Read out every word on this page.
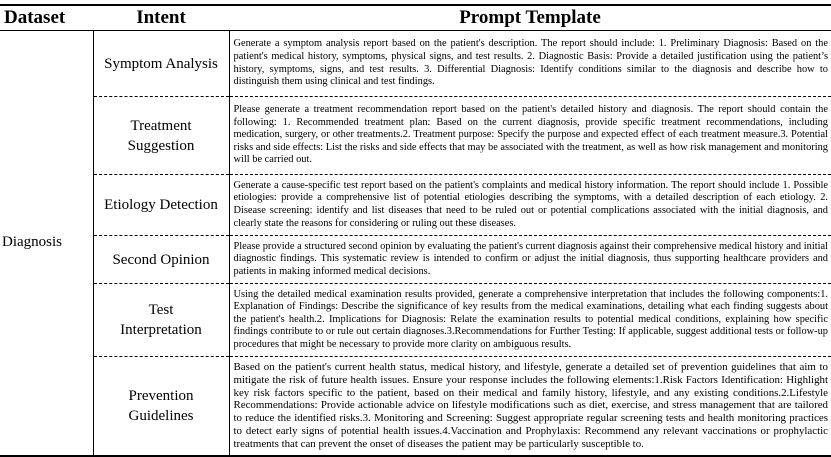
Dataset	Intent	Prompt Template
Diagnosis	Symptom Analysis	Generate a symptom analysis report based on the patient's description. The report should include: 1. Preliminary Diagnosis: Based on the patient's medical history, symptoms, physical signs, and test results. 2. Diagnostic Basis: Provide a detailed justification using the patient’s history, symptoms, signs, and test results. 3. Differential Diagnosis: Identify conditions similar to the diagnosis and describe how to distinguish them using clinical and test findings.

	Treatment Suggestion	Please generate a treatment recommendation report based on the patient's detailed history and diagnosis. The report should contain the following: 1. Recommended treatment plan: Based on the current diagnosis, provide specific treatment recommendations, including medication, surgery, or other treatments.2. Treatment purpose: Specify the purpose and expected effect of each treatment measure.3. Potential risks and side effects: List the risks and side effects that may be associated with the treatment, as well as how risk management and monitoring will be carried out.

	Etiology Detection	Generate a cause-specific test report based on the patient's complaints and medical history information. The report should include 1. Possible etiologies: provide a comprehensive list of potential etiologies describing the symptoms, with a detailed description of each etiology. 2. Disease screening: identify and list diseases that need to be ruled out or potential complications associated with the initial diagnosis, and clearly state the reasons for considering or ruling out these diseases.

	Second Opinion	Please provide a structured second opinion by evaluating the patient's current diagnosis against their comprehensive medical history and initial diagnostic findings. This systematic review is intended to confirm or adjust the initial diagnosis, thus supporting healthcare providers and patients in making informed medical decisions.

	Test Interpretation	Using the detailed medical examination results provided, generate a comprehensive interpretation that includes the following components:1. Explanation of Findings: Describe the significance of key results from the medical examinations, detailing what each finding suggests about the patient's health.2. Implications for Diagnosis: Relate the examination results to potential medical conditions, explaining how specific findings contribute to or rule out certain diagnoses.3.Recommendations for Further Testing: If applicable, suggest additional tests or follow-up procedures that might be necessary to provide more clarity on ambiguous results.

	Prevention Guidelines	Based on the patient's current health status, medical history, and lifestyle, generate a detailed set of prevention guidelines that aim to mitigate the risk of future health issues. Ensure your response includes the following elements:1.Risk Factors Identification: Highlight key risk factors specific to the patient, based on their medical and family history, lifestyle, and any existing conditions.2.Lifestyle Recommendations: Provide actionable advice on lifestyle modifications such as diet, exercise, and stress management that are tailored to reduce the identified risks.3. Monitoring and Screening: Suggest appropriate regular screening tests and health monitoring practices to detect early signs of potential health issues.4.Vaccination and Prophylaxis: Recommend any relevant vaccinations or prophylactic treatments that can prevent the onset of diseases the patient may be particularly susceptible to.
